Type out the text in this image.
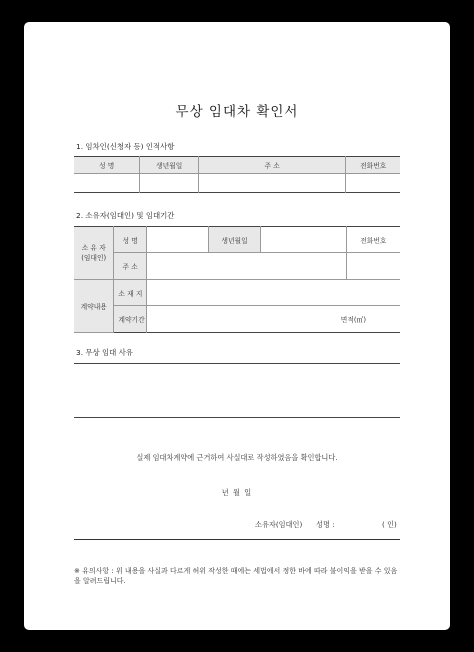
무상 임대차 확인서
1. 임차인(신청자 등) 인적사항
성 명	생년월일	주 소	전화번호

2. 소유자(임대인) 및 임대기간
소 유 자
(임대인)	성 명		생년월일		전화번호
	주 소				
계약내용	소 재 지				
	계약기간	면적(㎡)			
3. 무상 임대 사유
실제 임대차계약에 근거하여 사실대로 작성하였음을 확인합니다.
년 월 일
소유자(임대인) 성명 :	( 인)
※ 유의사항 : 위 내용을 사실과 다르게 허위 작성한 때에는 세법에서 정한 바에 따라 불이익을 받을 수 있음을 알려드립니다.
